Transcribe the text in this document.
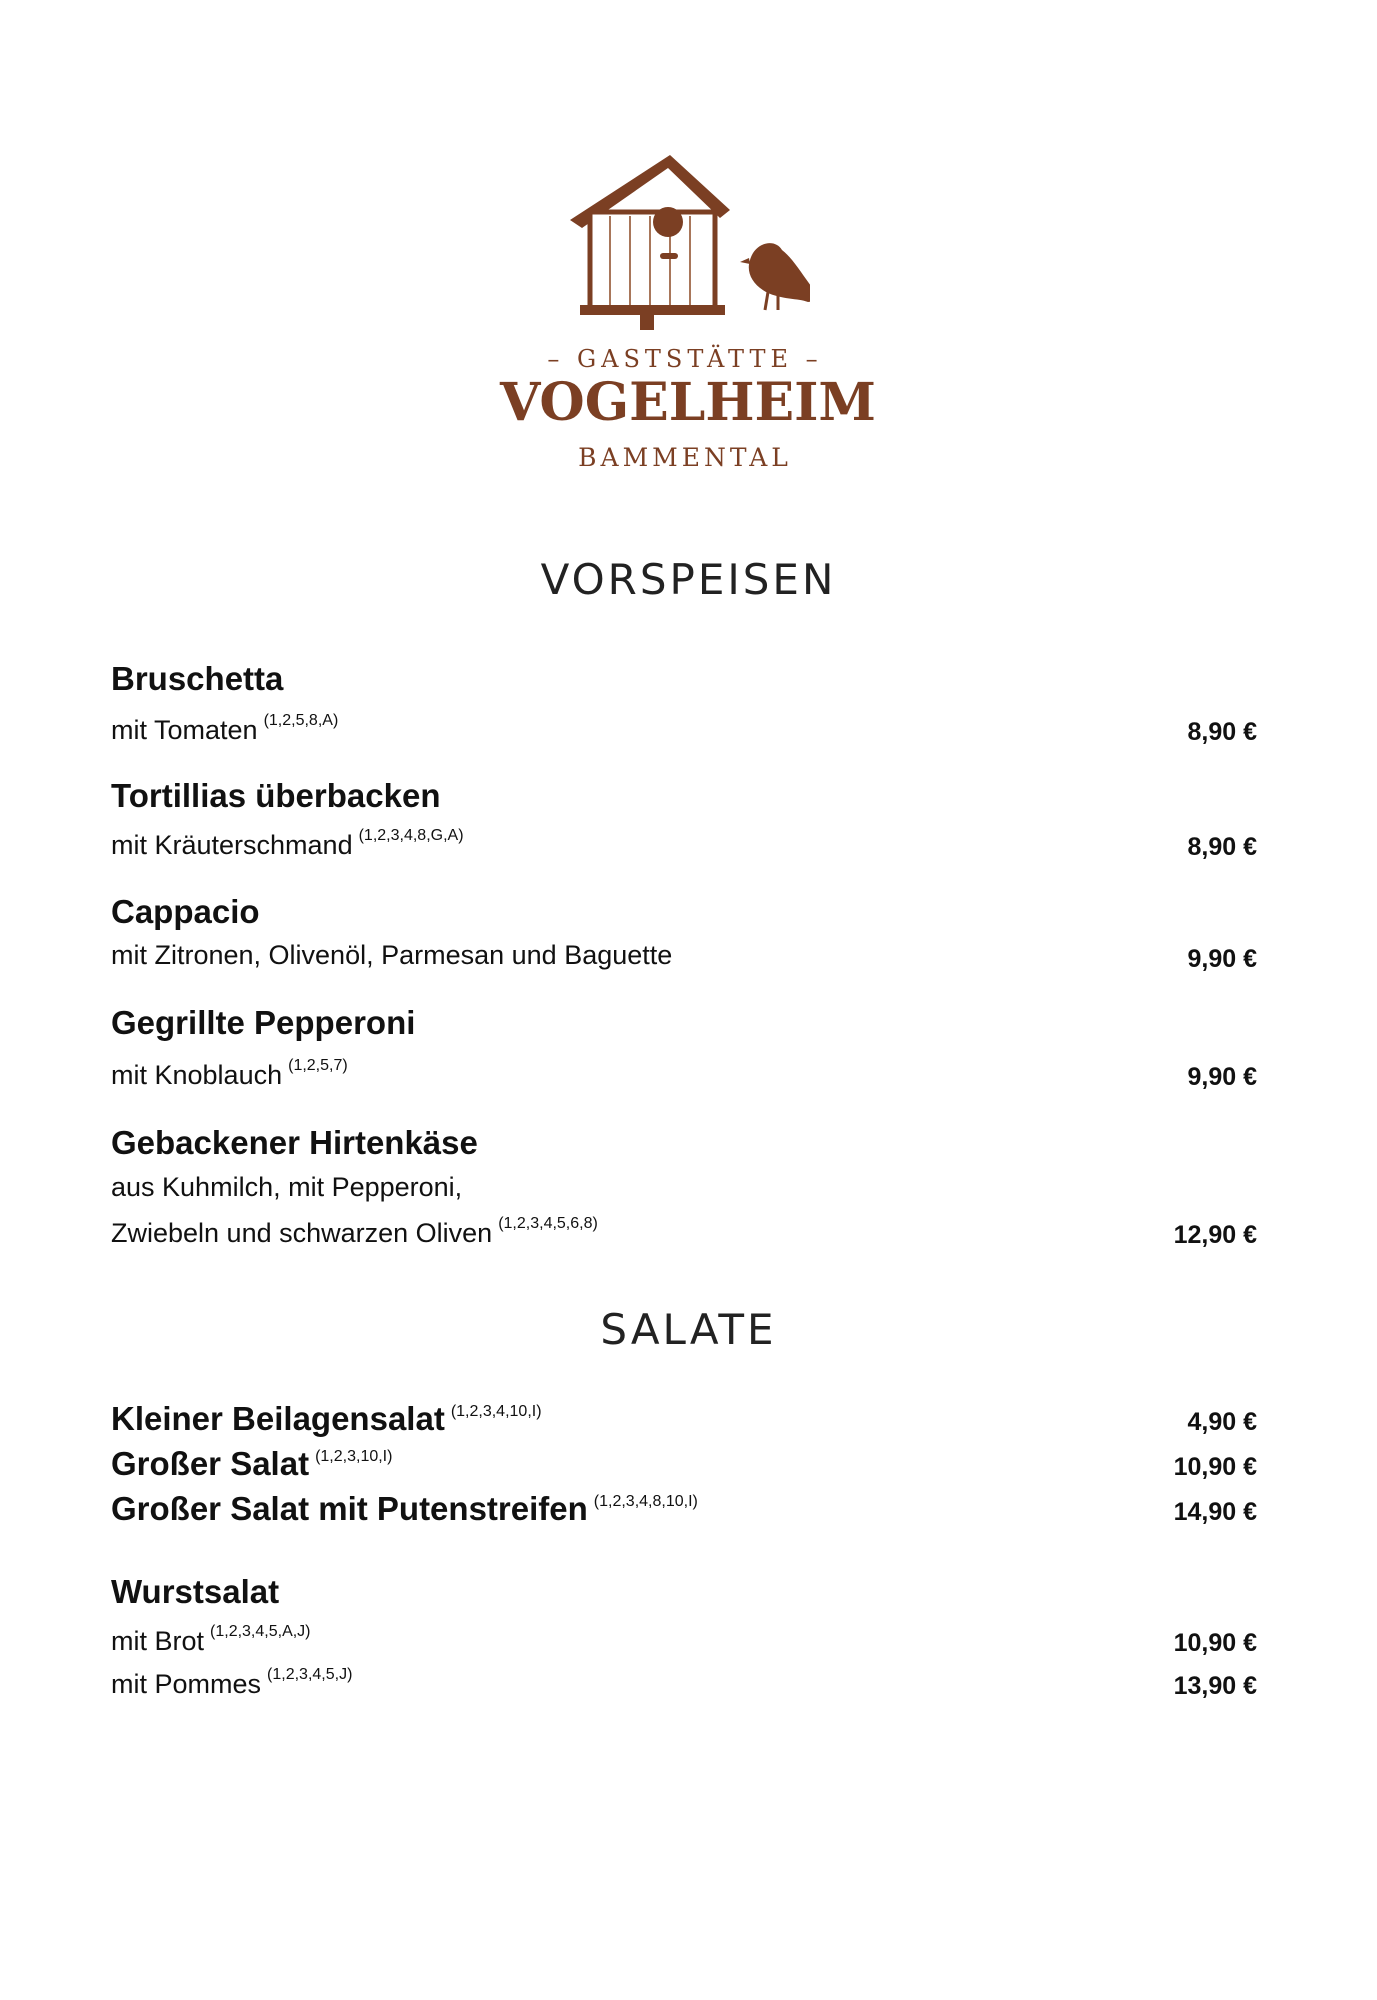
– GASTSTÄTTE –
VOGELHEIM
BAMMENTAL
VORSPEISEN
Bruschetta
mit Tomaten $^{(1,2,5,8,A)}$	8,90 €
Tortillias überbacken
mit Kräuterschmand $^{(1,2,3,4,8,G,A)}$	8,90 €
Cappacio
mit Zitronen, Olivenöl, Parmesan und Baguette	9,90 €
Gegrillte Pepperoni
mit Knoblauch $^{(1,2,5,7)}$	9,90 €
Gebackener Hirtenkäse
aus Kuhmilch, mit Pepperoni,
Zwiebeln und schwarzen Oliven $^{(1,2,3,4,5,6,8)}$	12,90 €
SALATE
Kleiner Beilagensalat $^{(1,2,3,4,10,I)}$	4,90 €
Großer Salat $^{(1,2,3,10,I)}$	10,90 €
Großer Salat mit Putenstreifen $^{(1,2,3,4,8,10,I)}$	14,90 €
Wurstsalat
mit Brot $^{(1,2,3,4,5,A,J)}$	10,90 €
mit Pommes $^{(1,2,3,4,5,J)}$	13,90 €
